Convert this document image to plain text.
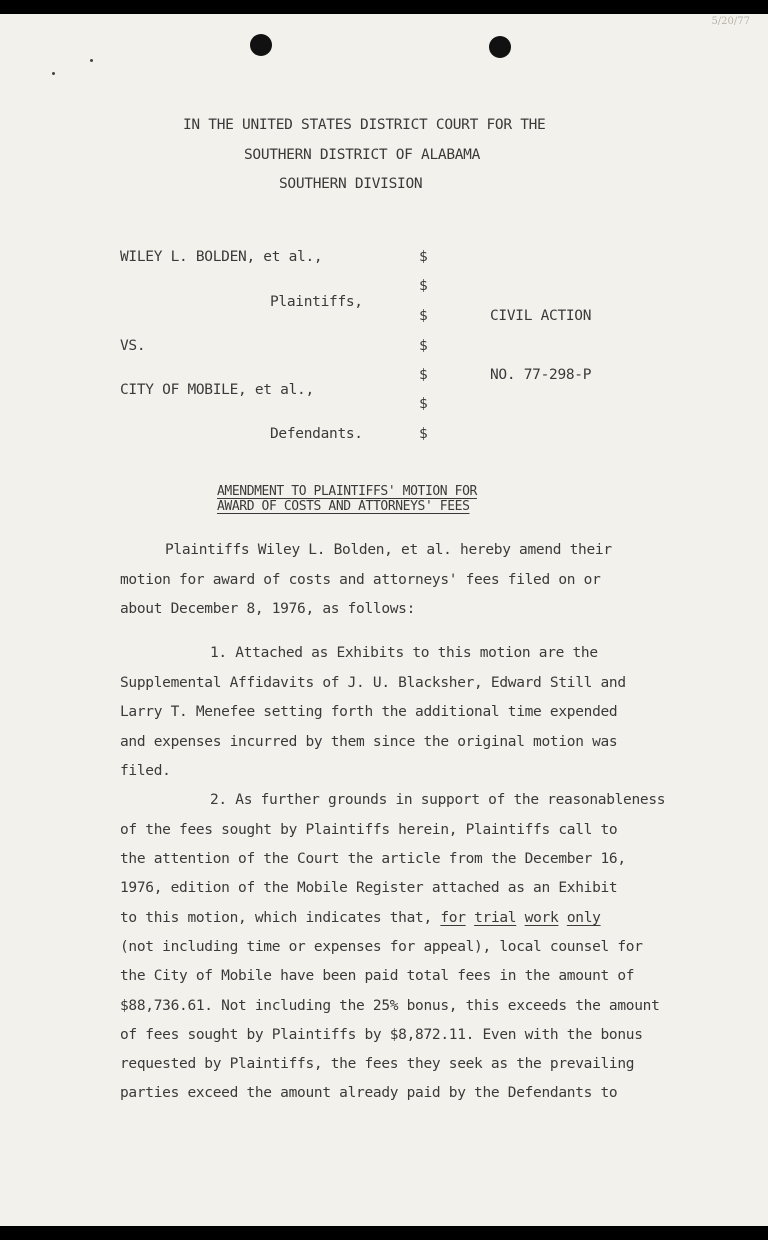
5/20/77
IN THE UNITED STATES DISTRICT COURT FOR THE
SOUTHERN DISTRICT OF ALABAMA
SOUTHERN DIVISION
WILEY L. BOLDEN, et al.,
Plaintiffs,
VS.
CITY OF MOBILE, et al.,
Defendants.
$
$
$
$
$
$
$
CIVIL ACTION
NO. 77-298-P
AMENDMENT TO PLAINTIFFS' MOTION FOR
AWARD OF COSTS AND ATTORNEYS' FEES
Plaintiffs Wiley L. Bolden, et al. hereby amend their
motion for award of costs and attorneys' fees filed on or
about December 8, 1976, as follows:
1. Attached as Exhibits to this motion are the
Supplemental Affidavits of J. U. Blacksher, Edward Still and
Larry T. Menefee setting forth the additional time expended
and expenses incurred by them since the original motion was
filed.
2. As further grounds in support of the reasonableness
of the fees sought by Plaintiffs herein, Plaintiffs call to
the attention of the Court the article from the December 16,
1976, edition of the Mobile Register attached as an Exhibit
to this motion, which indicates that, for trial work only
(not including time or expenses for appeal), local counsel for
the City of Mobile have been paid total fees in the amount of
$88,736.61. Not including the 25% bonus, this exceeds the amount
of fees sought by Plaintiffs by $8,872.11. Even with the bonus
requested by Plaintiffs, the fees they seek as the prevailing
parties exceed the amount already paid by the Defendants to
